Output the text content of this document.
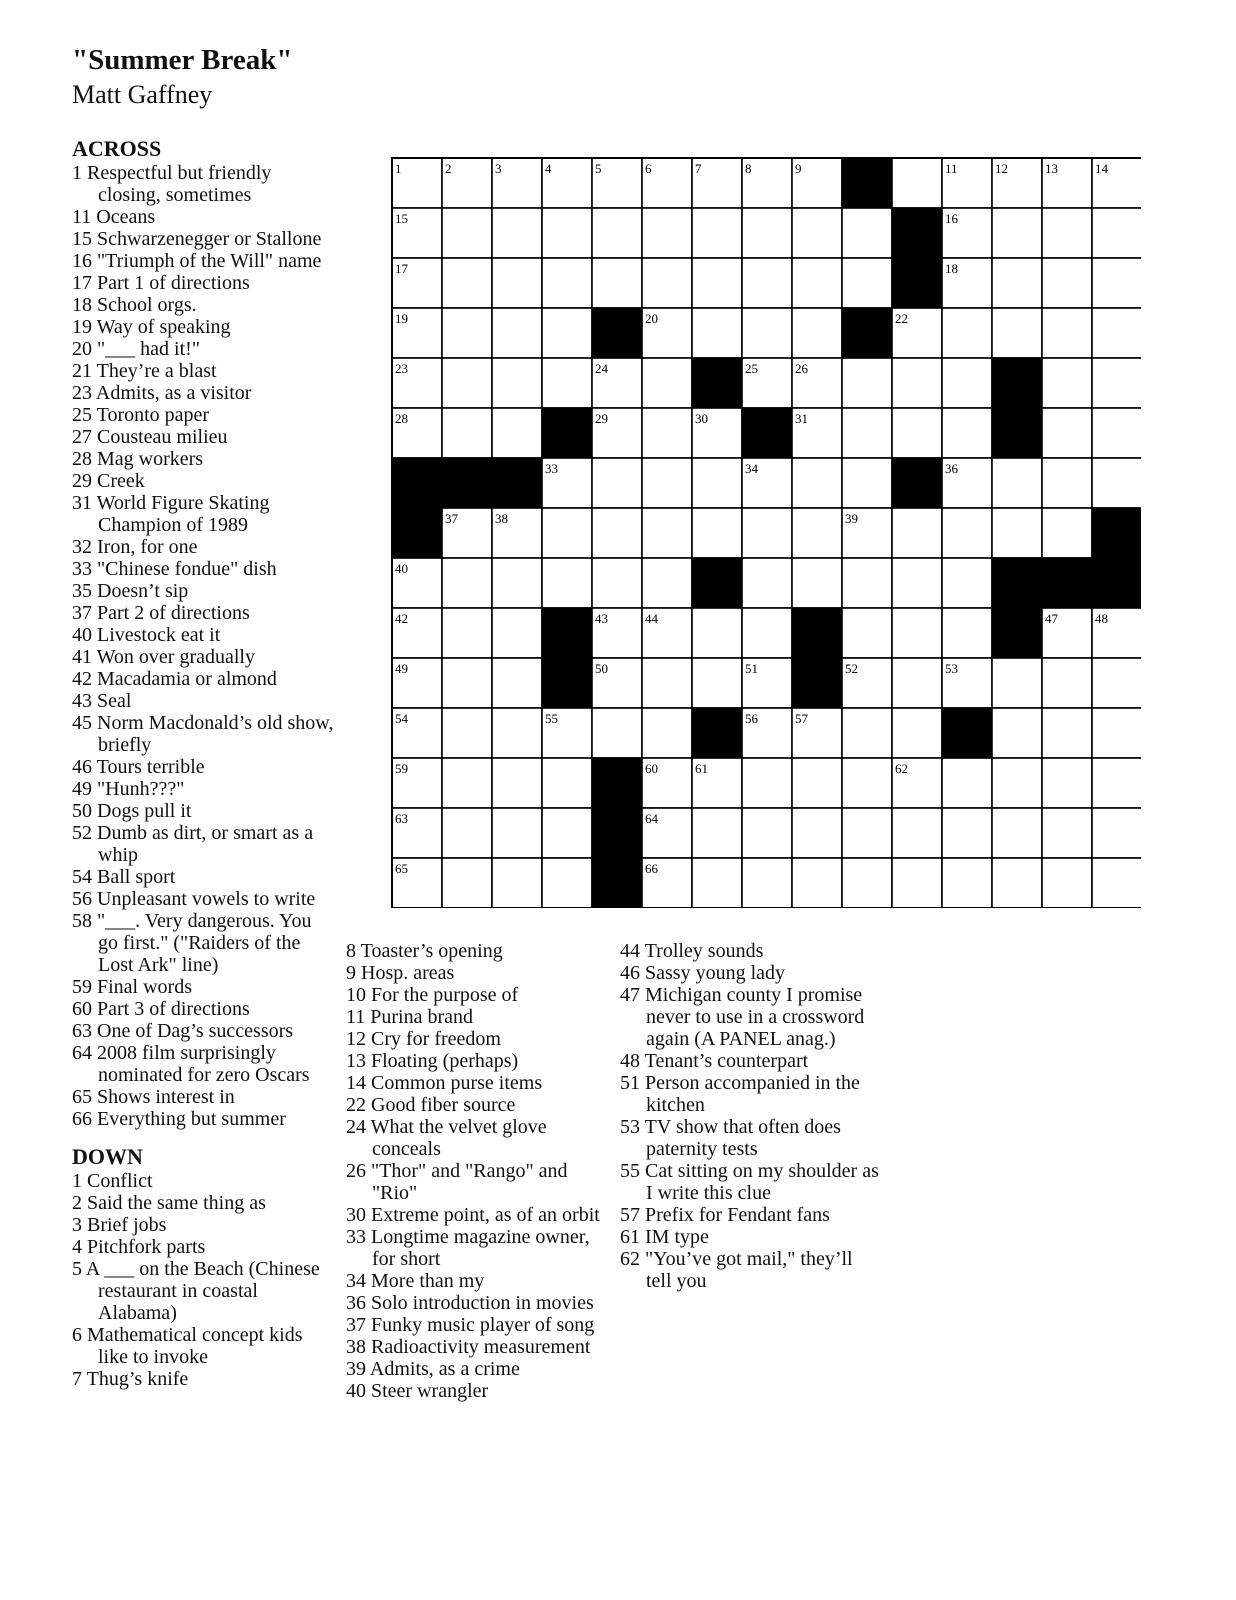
"Summer Break"
Matt Gaffney
ACROSS
1 Respectful but friendly closing, sometimes
11 Oceans
15 Schwarzenegger or Stallone
16 "Triumph of the Will" name
17 Part 1 of directions
18 School orgs.
19 Way of speaking
20 "___ had it!"
21 They’re a blast
23 Admits, as a visitor
25 Toronto paper
27 Cousteau milieu
28 Mag workers
29 Creek
31 World Figure Skating Champion of 1989
32 Iron, for one
33 "Chinese fondue" dish
35 Doesn’t sip
37 Part 2 of directions
40 Livestock eat it
41 Won over gradually
42 Macadamia or almond
43 Seal
45 Norm Macdonald’s old show, briefly
46 Tours terrible
49 "Hunh???"
50 Dogs pull it
52 Dumb as dirt, or smart as a whip
54 Ball sport
56 Unpleasant vowels to write
58 "___. Very dangerous. You go first." ("Raiders of the Lost Ark" line)
59 Final words
60 Part 3 of directions
63 One of Dag’s successors
64 2008 film surprisingly nominated for zero Oscars
65 Shows interest in
66 Everything but summer
DOWN
1 Conflict
2 Said the same thing as
3 Brief jobs
4 Pitchfork parts
5 A ___ on the Beach (Chinese restaurant in coastal Alabama)
6 Mathematical concept kids like to invoke
7 Thug’s knife
8 Toaster’s opening
9 Hosp. areas
10 For the purpose of
11 Purina brand
12 Cry for freedom
13 Floating (perhaps)
14 Common purse items
22 Good fiber source
24 What the velvet glove conceals
26 "Thor" and "Rango" and "Rio"
30 Extreme point, as of an orbit
33 Longtime magazine owner, for short
34 More than my
36 Solo introduction in movies
37 Funky music player of song
38 Radioactivity measurement
39 Admits, as a crime
40 Steer wrangler
44 Trolley sounds
46 Sassy young lady
47 Michigan county I promise never to use in a crossword again (A PANEL anag.)
48 Tenant’s counterpart
51 Person accompanied in the kitchen
53 TV show that often does paternity tests
55 Cat sitting on my shoulder as I write this clue
57 Prefix for Fendant fans
61 IM type
62 "You’ve got mail," they’ll tell you
1	2	3	4	5	6	7	8	9	11	12	13	14
15	16
17	18
19	20	22
23	24	25	26
28	29	30	31
33	34	36
37	38	39
40
42	43	44	47	48
49	50	51	52	53
54	55	56	57
59	60	61	62
63	64
65	66
